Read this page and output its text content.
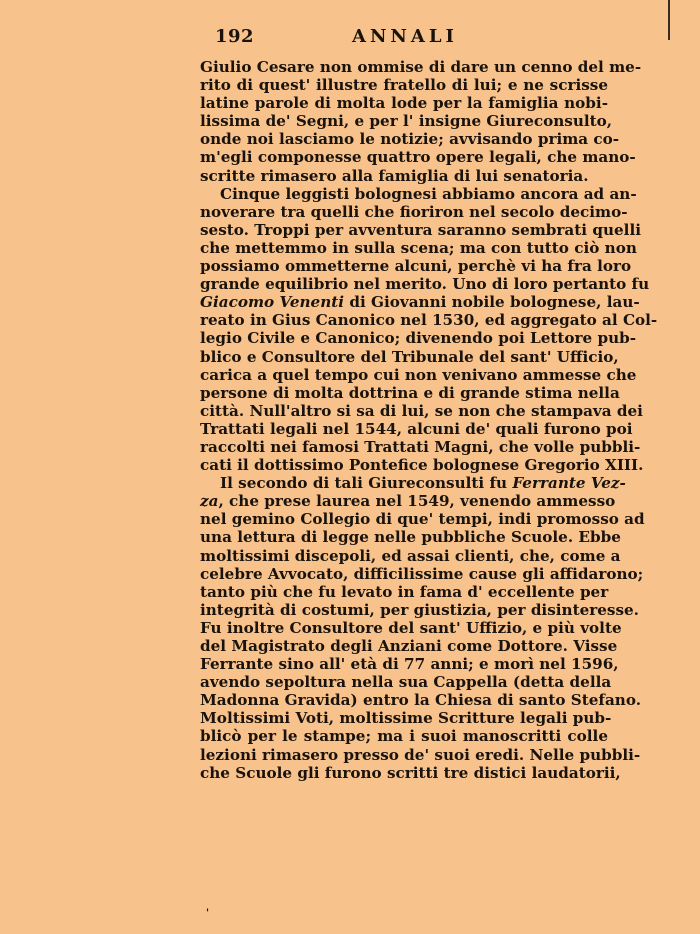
192	ANNALI
Giulio Cesare non ommise di dare un cenno del me-
rito di quest' illustre fratello di lui; e ne scrisse
latine parole di molta lode per la famiglia nobi-
lissima de' Segni, e per l' insigne Giureconsulto,
onde noi lasciamo le notizie; avvisando prima co-
m'egli componesse quattro opere legali, che mano-
scritte rimasero alla famiglia di lui senatoria.
Cinque leggisti bolognesi abbiamo ancora ad an-
noverare tra quelli che fioriron nel secolo decimo-
sesto. Troppi per avventura saranno sembrati quelli
che mettemmo in sulla scena; ma con tutto ciò non
possiamo ommetterne alcuni, perchè vi ha fra loro
grande equilibrio nel merito. Uno di loro pertanto fu
Giacomo Venenti di Giovanni nobile bolognese, lau-
reato in Gius Canonico nel 1530, ed aggregato al Col-
legio Civile e Canonico; divenendo poi Lettore pub-
blico e Consultore del Tribunale del sant' Ufficio,
carica a quel tempo cui non venivano ammesse che
persone di molta dottrina e di grande stima nella
città. Null'altro si sa di lui, se non che stampava dei
Trattati legali nel 1544, alcuni de' quali furono poi
raccolti nei famosi Trattati Magni, che volle pubbli-
cati il dottissimo Pontefice bolognese Gregorio XIII.
Il secondo di tali Giureconsulti fu Ferrante Vez-
za, che prese laurea nel 1549, venendo ammesso
nel gemino Collegio di que' tempi, indi promosso ad
una lettura di legge nelle pubbliche Scuole. Ebbe
moltissimi discepoli, ed assai clienti, che, come a
celebre Avvocato, difficilissime cause gli affidarono;
tanto più che fu levato in fama d' eccellente per
integrità di costumi, per giustizia, per disinteresse.
Fu inoltre Consultore del sant' Uffizio, e più volte
del Magistrato degli Anziani come Dottore. Visse
Ferrante sino all' età di 77 anni; e morì nel 1596,
avendo sepoltura nella sua Cappella (detta della
Madonna Gravida) entro la Chiesa di santo Stefano.
Moltissimi Voti, moltissime Scritture legali pub-
blicò per le stampe; ma i suoi manoscritti colle
lezioni rimasero presso de' suoi eredi. Nelle pubbli-
che Scuole gli furono scritti tre distici laudatorii,
'
